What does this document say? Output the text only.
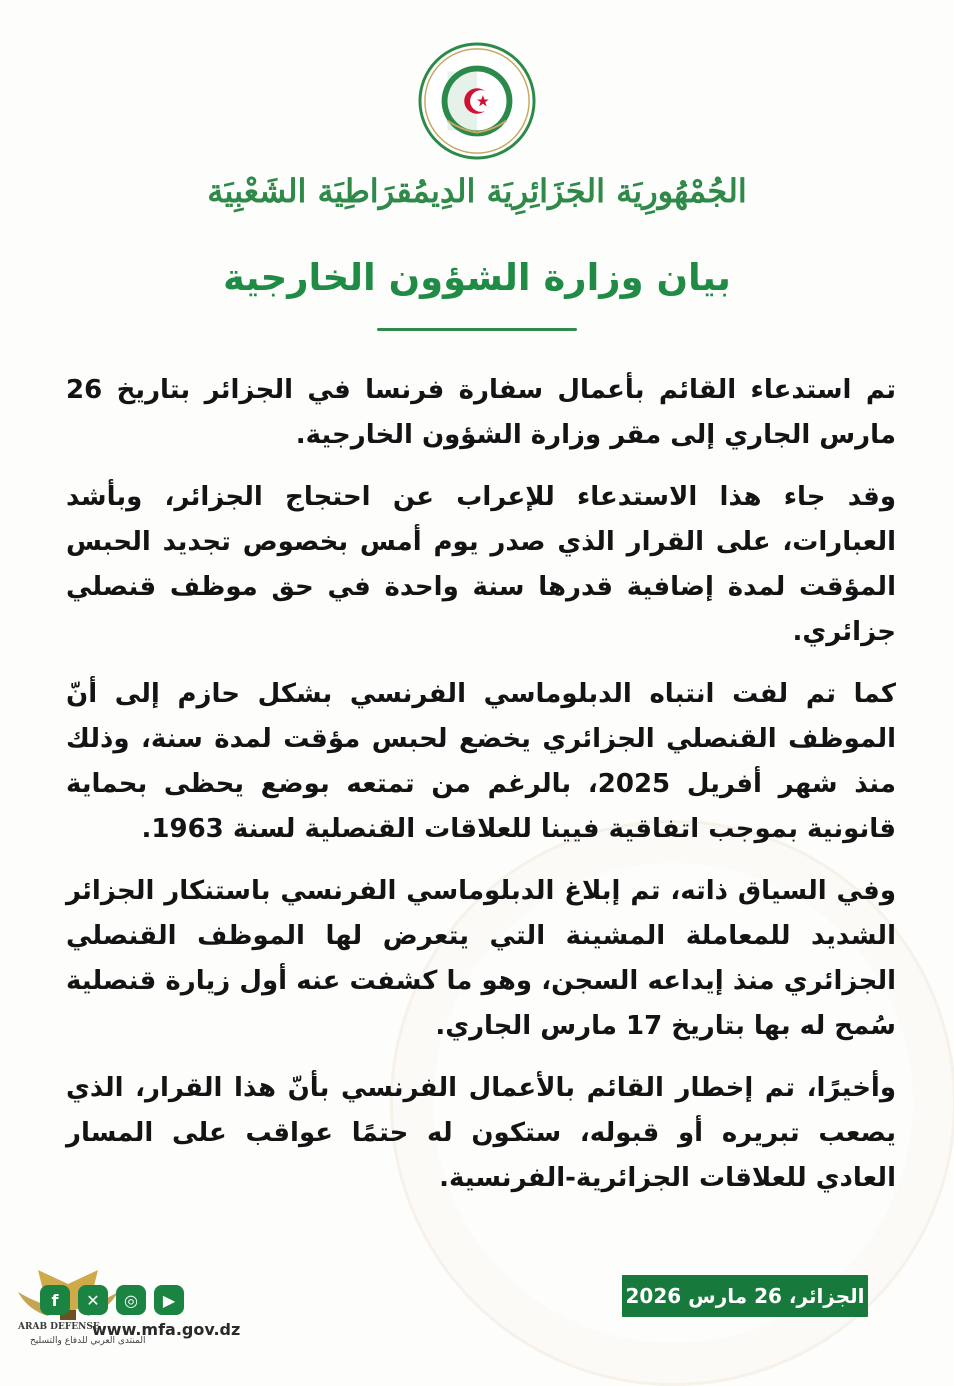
الجُمْهُورِيَة الجَزَائِرِيَة الدِيمُقرَاطِيَة الشَعْبِيَة
بيان وزارة الشؤون الخارجية

تم استدعاء القائم بأعمال سفارة فرنسا في الجزائر بتاريخ 26 مارس الجاري إلى مقر وزارة الشؤون الخارجية.

وقد جاء هذا الاستدعاء للإعراب عن احتجاج الجزائر، وبأشد العبارات، على القرار الذي صدر يوم أمس بخصوص تجديد الحبس المؤقت لمدة إضافية قدرها سنة واحدة في حق موظف قنصلي جزائري.

كما تم لفت انتباه الدبلوماسي الفرنسي بشكل حازم إلى أنّ الموظف القنصلي الجزائري يخضع لحبس مؤقت لمدة سنة، وذلك منذ شهر أفريل 2025، بالرغم من تمتعه بوضع يحظى بحماية قانونية بموجب اتفاقية فيينا للعلاقات القنصلية لسنة 1963.

وفي السياق ذاته، تم إبلاغ الدبلوماسي الفرنسي باستنكار الجزائر الشديد للمعاملة المشينة التي يتعرض لها الموظف القنصلي الجزائري منذ إيداعه السجن، وهو ما كشفت عنه أول زيارة قنصلية سُمح له بها بتاريخ 17 مارس الجاري.

وأخيرًا، تم إخطار القائم بالأعمال الفرنسي بأنّ هذا القرار، الذي يصعب تبريره أو قبوله، ستكون له حتمًا عواقب على المسار العادي للعلاقات الجزائرية-الفرنسية.

الجزائر، 26 مارس 2026
f	✕	◎	▶
www.mfa.gov.dz
ARAB DEFENSE
المنتدى العربي للدفاع والتسليح
